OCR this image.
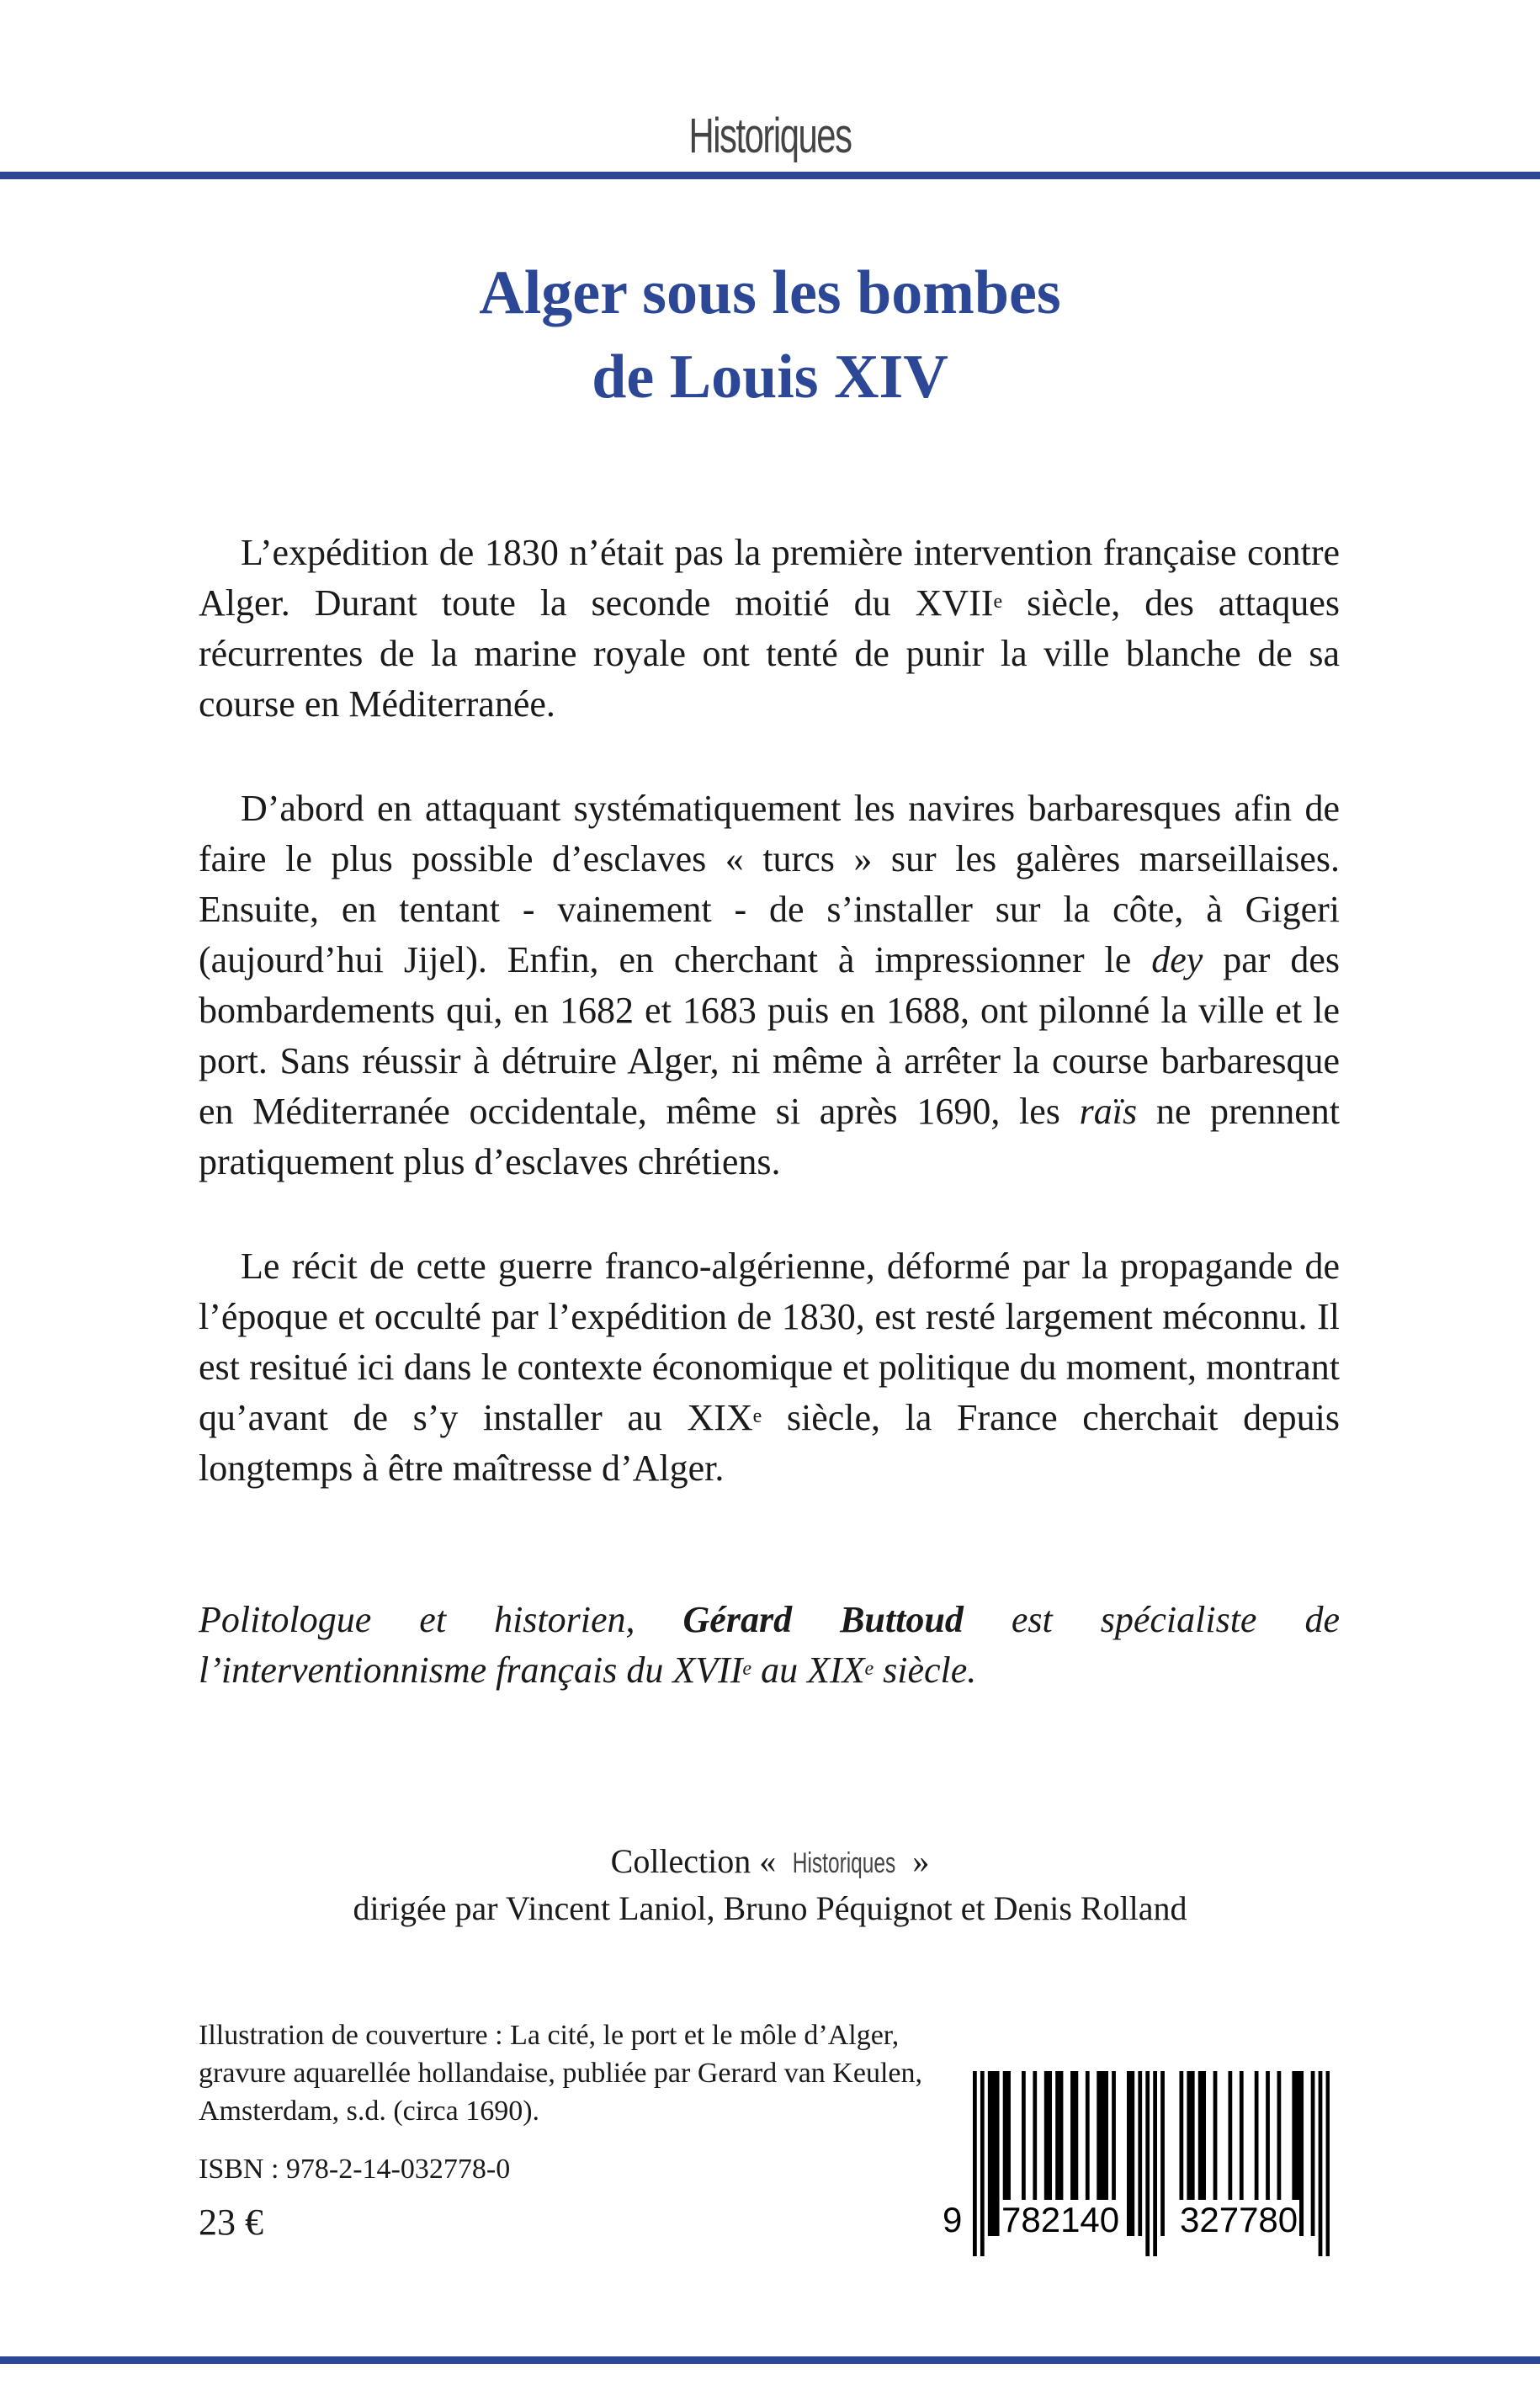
Historiques
Alger sous les bombes
de Louis XIV

L’expédition de 1830 n’était pas la première intervention française contre Alger. Durant toute la seconde moitié du XVIIe siècle, des attaques récurrentes de la marine royale ont tenté de punir la ville blanche de sa course en Méditerranée.

D’abord en attaquant systématiquement les navires barbaresques afin de faire le plus possible d’esclaves « turcs » sur les galères marseillaises. Ensuite, en tentant - vainement - de s’installer sur la côte, à Gigeri (aujourd’hui Jijel). Enfin, en cherchant à impressionner le dey par des bombardements qui, en 1682 et 1683 puis en 1688, ont pilonné la ville et le port. Sans réussir à détruire Alger, ni même à arrêter la course barbaresque en Méditerranée occidentale, même si après 1690, les raïs ne prennent pratiquement plus d’esclaves chrétiens.

Le récit de cette guerre franco-algérienne, déformé par la propagande de l’époque et occulté par l’expédition de 1830, est resté largement méconnu. Il est resitué ici dans le contexte économique et politique du moment, montrant qu’avant de s’y installer au XIXe siècle, la France cherchait depuis longtemps à être maîtresse d’Alger.

Politologue et historien, Gérard Buttoud est spécialiste de l’interventionnisme français du XVIIe au XIXe siècle.
Collection « Historiques »
dirigée par Vincent Laniol, Bruno Péquignot et Denis Rolland
Illustration de couverture : La cité, le port et le môle d’Alger,
gravure aquarellée hollandaise, publiée par Gerard van Keulen,
Amsterdam, s.d. (circa 1690).
ISBN : 978-2-14-032778-0
23 €	9 782140 327780
